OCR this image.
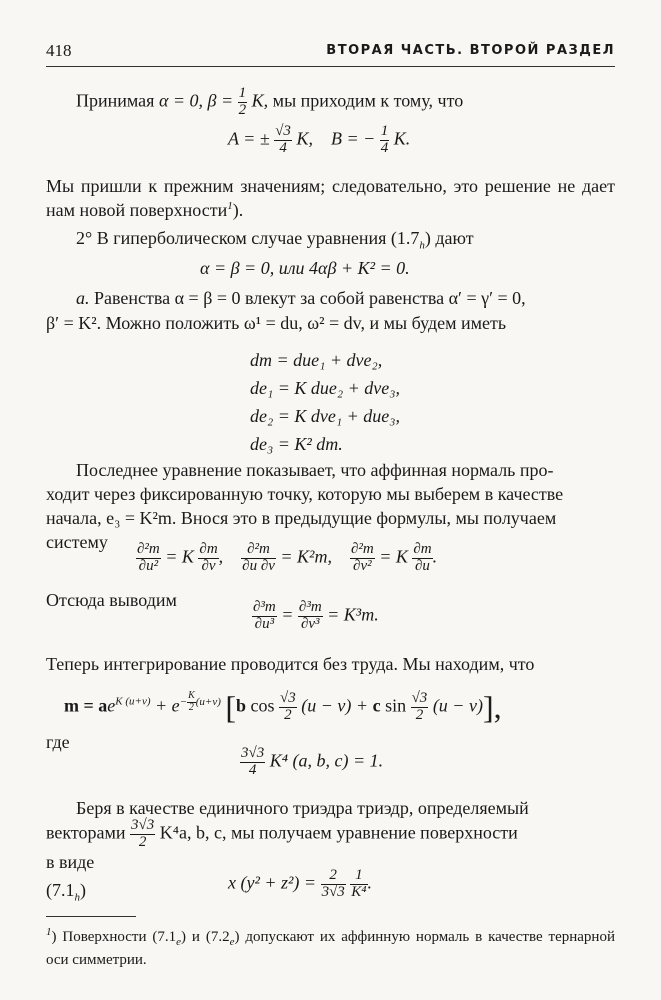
418	ВТОРАЯ ЧАСТЬ. ВТОРОЙ РАЗДЕЛ
Принимая α = 0, $\beta = \frac{1}{2} K$, мы приходим к тому, что
A = ± $\frac{√3}{4} K$, B = − $\frac{1}{4} K$.
Мы пришли к прежним значениям; следовательно, это решение не дает нам новой поверхности$^1$).
2° В гиперболическом случае уравнения $(1.7_h)$ дают
α = β = 0, или 4αβ + K² = 0.
a. Равенства α = β = 0 влекут за собой равенства α′ = γ′ = 0,
β′ = K². Можно положить ω¹ = du, ω² = dv, и мы будем иметь
dm = due₁ + dve₂,
de₁ = K due₂ + dve₃,
de₂ = K dve₁ + due₃,
de₃ = K² dm.
Последнее уравнение показывает, что аффинная нормаль про-
ходит через фиксированную точку, которую мы выберем в качестве
начала, e₃ = K²m. Внося это в предыдущие формулы, мы получаем
систему $\frac{\text{∂²m}}{\text{∂u²}} = K \frac{\partial m}{\partial v}$ , $\frac{\text{∂²m}}{\partial u \partial v} = K^2m$, $\frac{\text{∂²m}}{\text{∂v²}} = K \frac{\partial m}{\partial u}$ .
Отсюда выводим	$\frac{\text{∂³m}}{\text{∂u³}} = \frac{\text{∂³m}}{\text{∂v³}} = K^3m$.
Теперь интегрирование проводится без труда. Мы находим, что
$m = ae^{K (u+v)} + e^{- \frac{K}{2} (u+v)}$ [b $\cos \frac{√3}{2} (u - v) + c$ $\sin \frac{√3}{2} (u - v)$],
где
$\frac{3√3}{4} K^4$ (a, b, c) = 1.
Беря в качестве единичного триэдра триэдр, определяемый
векторами $\frac{3√3}{2} K^4a$, b, c, мы получаем уравнение поверхности
в виде
$(7.1_h)$	x $(y^2 + z^2) = \frac{2}{3√3}$
$\frac{1}{\text{K⁴}}$ .
$^1$) Поверхности $(7.1_e)$ и $(7.2_e)$ допускают их аффинную нормаль в качестве тернарной оси симметрии.
